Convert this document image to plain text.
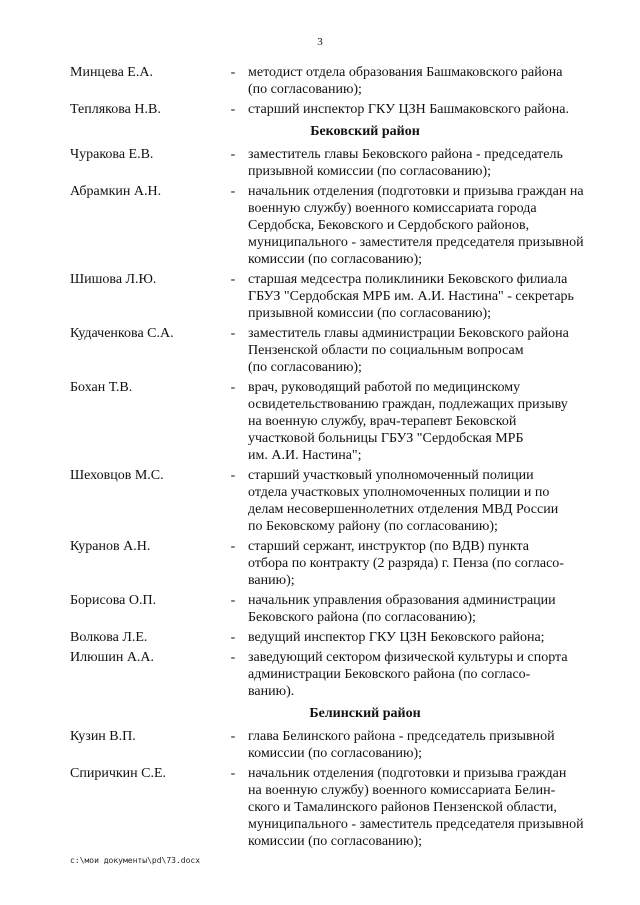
3
Минцева Е.А.	- методист отдела образования Башмаковского района
(по согласованию);
Теплякова Н.В.	- старший инспектор ГКУ ЦЗН Башмаковского района.
Бековский район
Чуракова Е.В.	- заместитель главы Бековского района - председатель
призывной комиссии (по согласованию);
Абрамкин А.Н.	- начальник отделения (подготовки и призыва граждан на
военную службу) военного комиссариата города
Сердобска, Бековского и Сердобского районов,
муниципального - заместителя председателя призывной
комиссии (по согласованию);
Шишова Л.Ю.	- старшая медсестра поликлиники Бековского филиала
ГБУЗ "Сердобская МРБ им. А.И. Настина" - секретарь
призывной комиссии (по согласованию);
Кудаченкова С.А.	- заместитель главы администрации Бековского района
Пензенской области по социальным вопросам
(по согласованию);
Бохан Т.В.	- врач, руководящий работой по медицинскому
освидетельствованию граждан, подлежащих призыву
на военную службу, врач-терапевт Бековской
участковой больницы ГБУЗ "Сердобская МРБ
им. А.И. Настина";
Шеховцов М.С.	- старший участковый уполномоченный полиции
отдела участковых уполномоченных полиции и по
делам несовершеннолетних отделения МВД России
по Бековскому району (по согласованию);
Куранов А.Н.	- старший сержант, инструктор (по ВДВ) пункта
отбора по контракту (2 разряда) г. Пенза (по согласо-
ванию);
Борисова О.П.	- начальник управления образования администрации
Бековского района (по согласованию);
Волкова Л.Е.	- ведущий инспектор ГКУ ЦЗН Бековского района;
Илюшин А.А.	- заведующий сектором физической культуры и спорта
администрации Бековского района (по согласо-
ванию).
Белинский район
Кузин В.П.	- глава Белинского района - председатель призывной
комиссии (по согласованию);
Спиричкин С.Е.	- начальник отделения (подготовки и призыва граждан
на военную службу) военного комиссариата Белин-
ского и Тамалинского районов Пензенской области,
муниципального - заместитель председателя призывной
комиссии (по согласованию);
c:\мои документы\pd\73.docx
